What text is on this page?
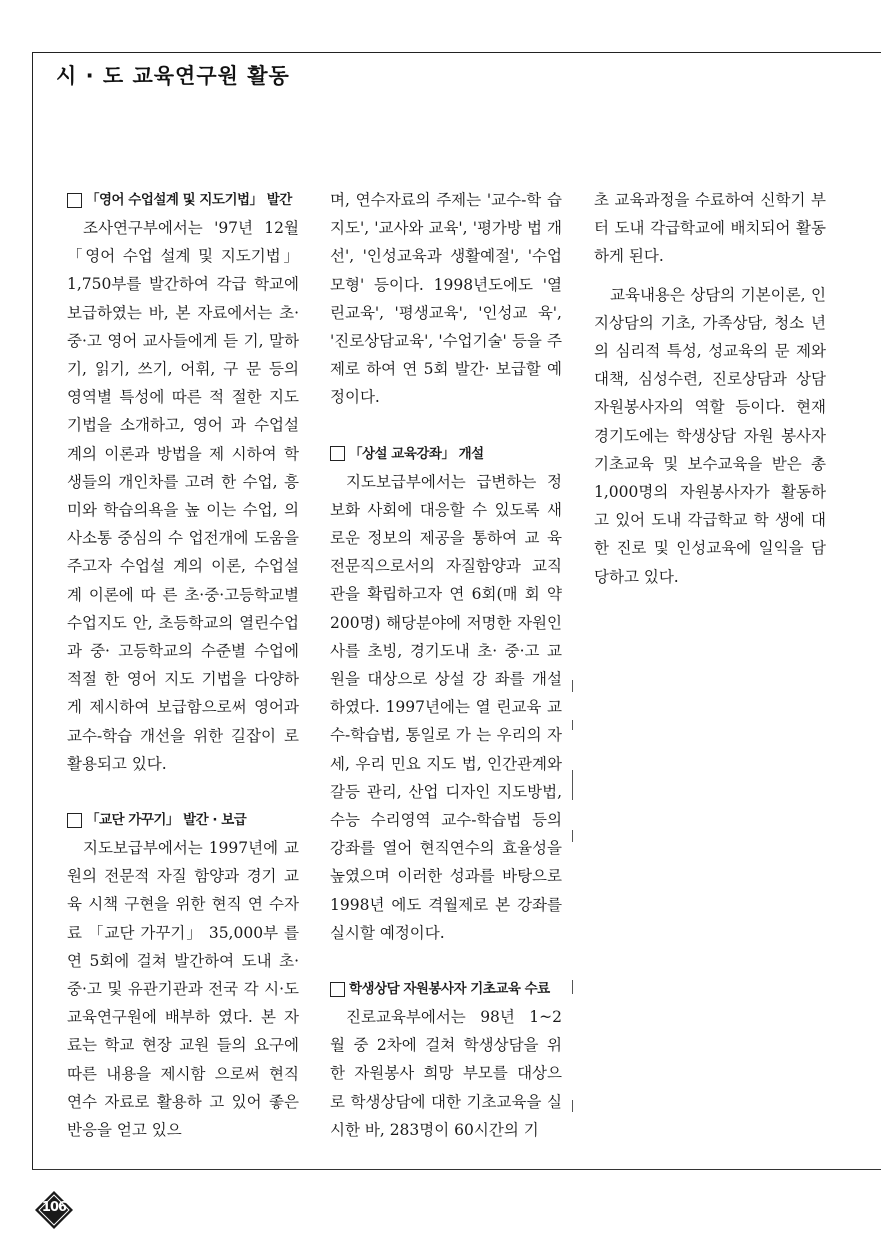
시 · 도 교육연구원 활동
「영어 수업설계 및 지도기법」 발간

조사연구부에서는 '97년 12월 「영어 수업 설계 및 지도기법」 1,750부를 발간하여 각급 학교에 보급하였는 바, 본 자료에서는 초·중·고 영어 교사들에게 듣 기, 말하기, 읽기, 쓰기, 어휘, 구 문 등의 영역별 특성에 따른 적 절한 지도기법을 소개하고, 영어 과 수업설계의 이론과 방법을 제 시하여 학생들의 개인차를 고려 한 수업, 흥미와 학습의욕을 높 이는 수업, 의사소통 중심의 수 업전개에 도움을 주고자 수업설 계의 이론, 수업설계 이론에 따 른 초·중·고등학교별 수업지도 안, 초등학교의 열린수업과 중· 고등학교의 수준별 수업에 적절 한 영어 지도 기법을 다양하게 제시하여 보급함으로써 영어과 교수-학습 개선을 위한 길잡이 로 활용되고 있다.

「교단 가꾸기」 발간 · 보급

지도보급부에서는 1997년에 교원의 전문적 자질 함양과 경기 교육 시책 구현을 위한 현직 연 수자료 「교단 가꾸기」 35,000부 를 연 5회에 걸쳐 발간하여 도내 초·중·고 및 유관기관과 전국 각 시·도 교육연구원에 배부하 였다. 본 자료는 학교 현장 교원 들의 요구에 따른 내용을 제시함 으로써 현직 연수 자료로 활용하 고 있어 좋은 반응을 얻고 있으

며, 연수자료의 주제는 '교수-학 습지도', '교사와 교육', '평가방 법 개선', '인성교육과 생활예절', '수업모형' 등이다. 1998년도에도 '열린교육', '평생교육', '인성교 육', '진로상담교육', '수업기술' 등을 주제로 하여 연 5회 발간· 보급할 예정이다.

「상설 교육강좌」 개설

지도보급부에서는 급변하는 정 보화 사회에 대응할 수 있도록 새로운 정보의 제공을 통하여 교 육 전문직으로서의 자질함양과 교직관을 확립하고자 연 6회(매 회 약 200명) 해당분야에 저명한 자원인사를 초빙, 경기도내 초· 중·고 교원을 대상으로 상설 강 좌를 개설하였다. 1997년에는 열 린교육 교수-학습법, 통일로 가 는 우리의 자세, 우리 민요 지도 법, 인간관계와 갈등 관리, 산업 디자인 지도방법, 수능 수리영역 교수-학습법 등의 강좌를 열어 현직연수의 효율성을 높였으며 이러한 성과를 바탕으로 1998년 에도 격월제로 본 강좌를 실시할 예정이다.

학생상담 자원봉사자 기초교육 수료

진로교육부에서는 98년 1~2 월 중 2차에 걸쳐 학생상담을 위 한 자원봉사 희망 부모를 대상으 로 학생상담에 대한 기초교육을 실시한 바, 283명이 60시간의 기

초 교육과정을 수료하여 신학기 부터 도내 각급학교에 배치되어 활동하게 된다.

교육내용은 상담의 기본이론, 인지상담의 기초, 가족상담, 청소 년의 심리적 특성, 성교육의 문 제와 대책, 심성수련, 진로상담과 상담 자원봉사자의 역할 등이다. 현재 경기도에는 학생상담 자원 봉사자 기초교육 및 보수교육을 받은 총 1,000명의 자원봉사자가 활동하고 있어 도내 각급학교 학 생에 대한 진로 및 인성교육에 일익을 담당하고 있다.

106
